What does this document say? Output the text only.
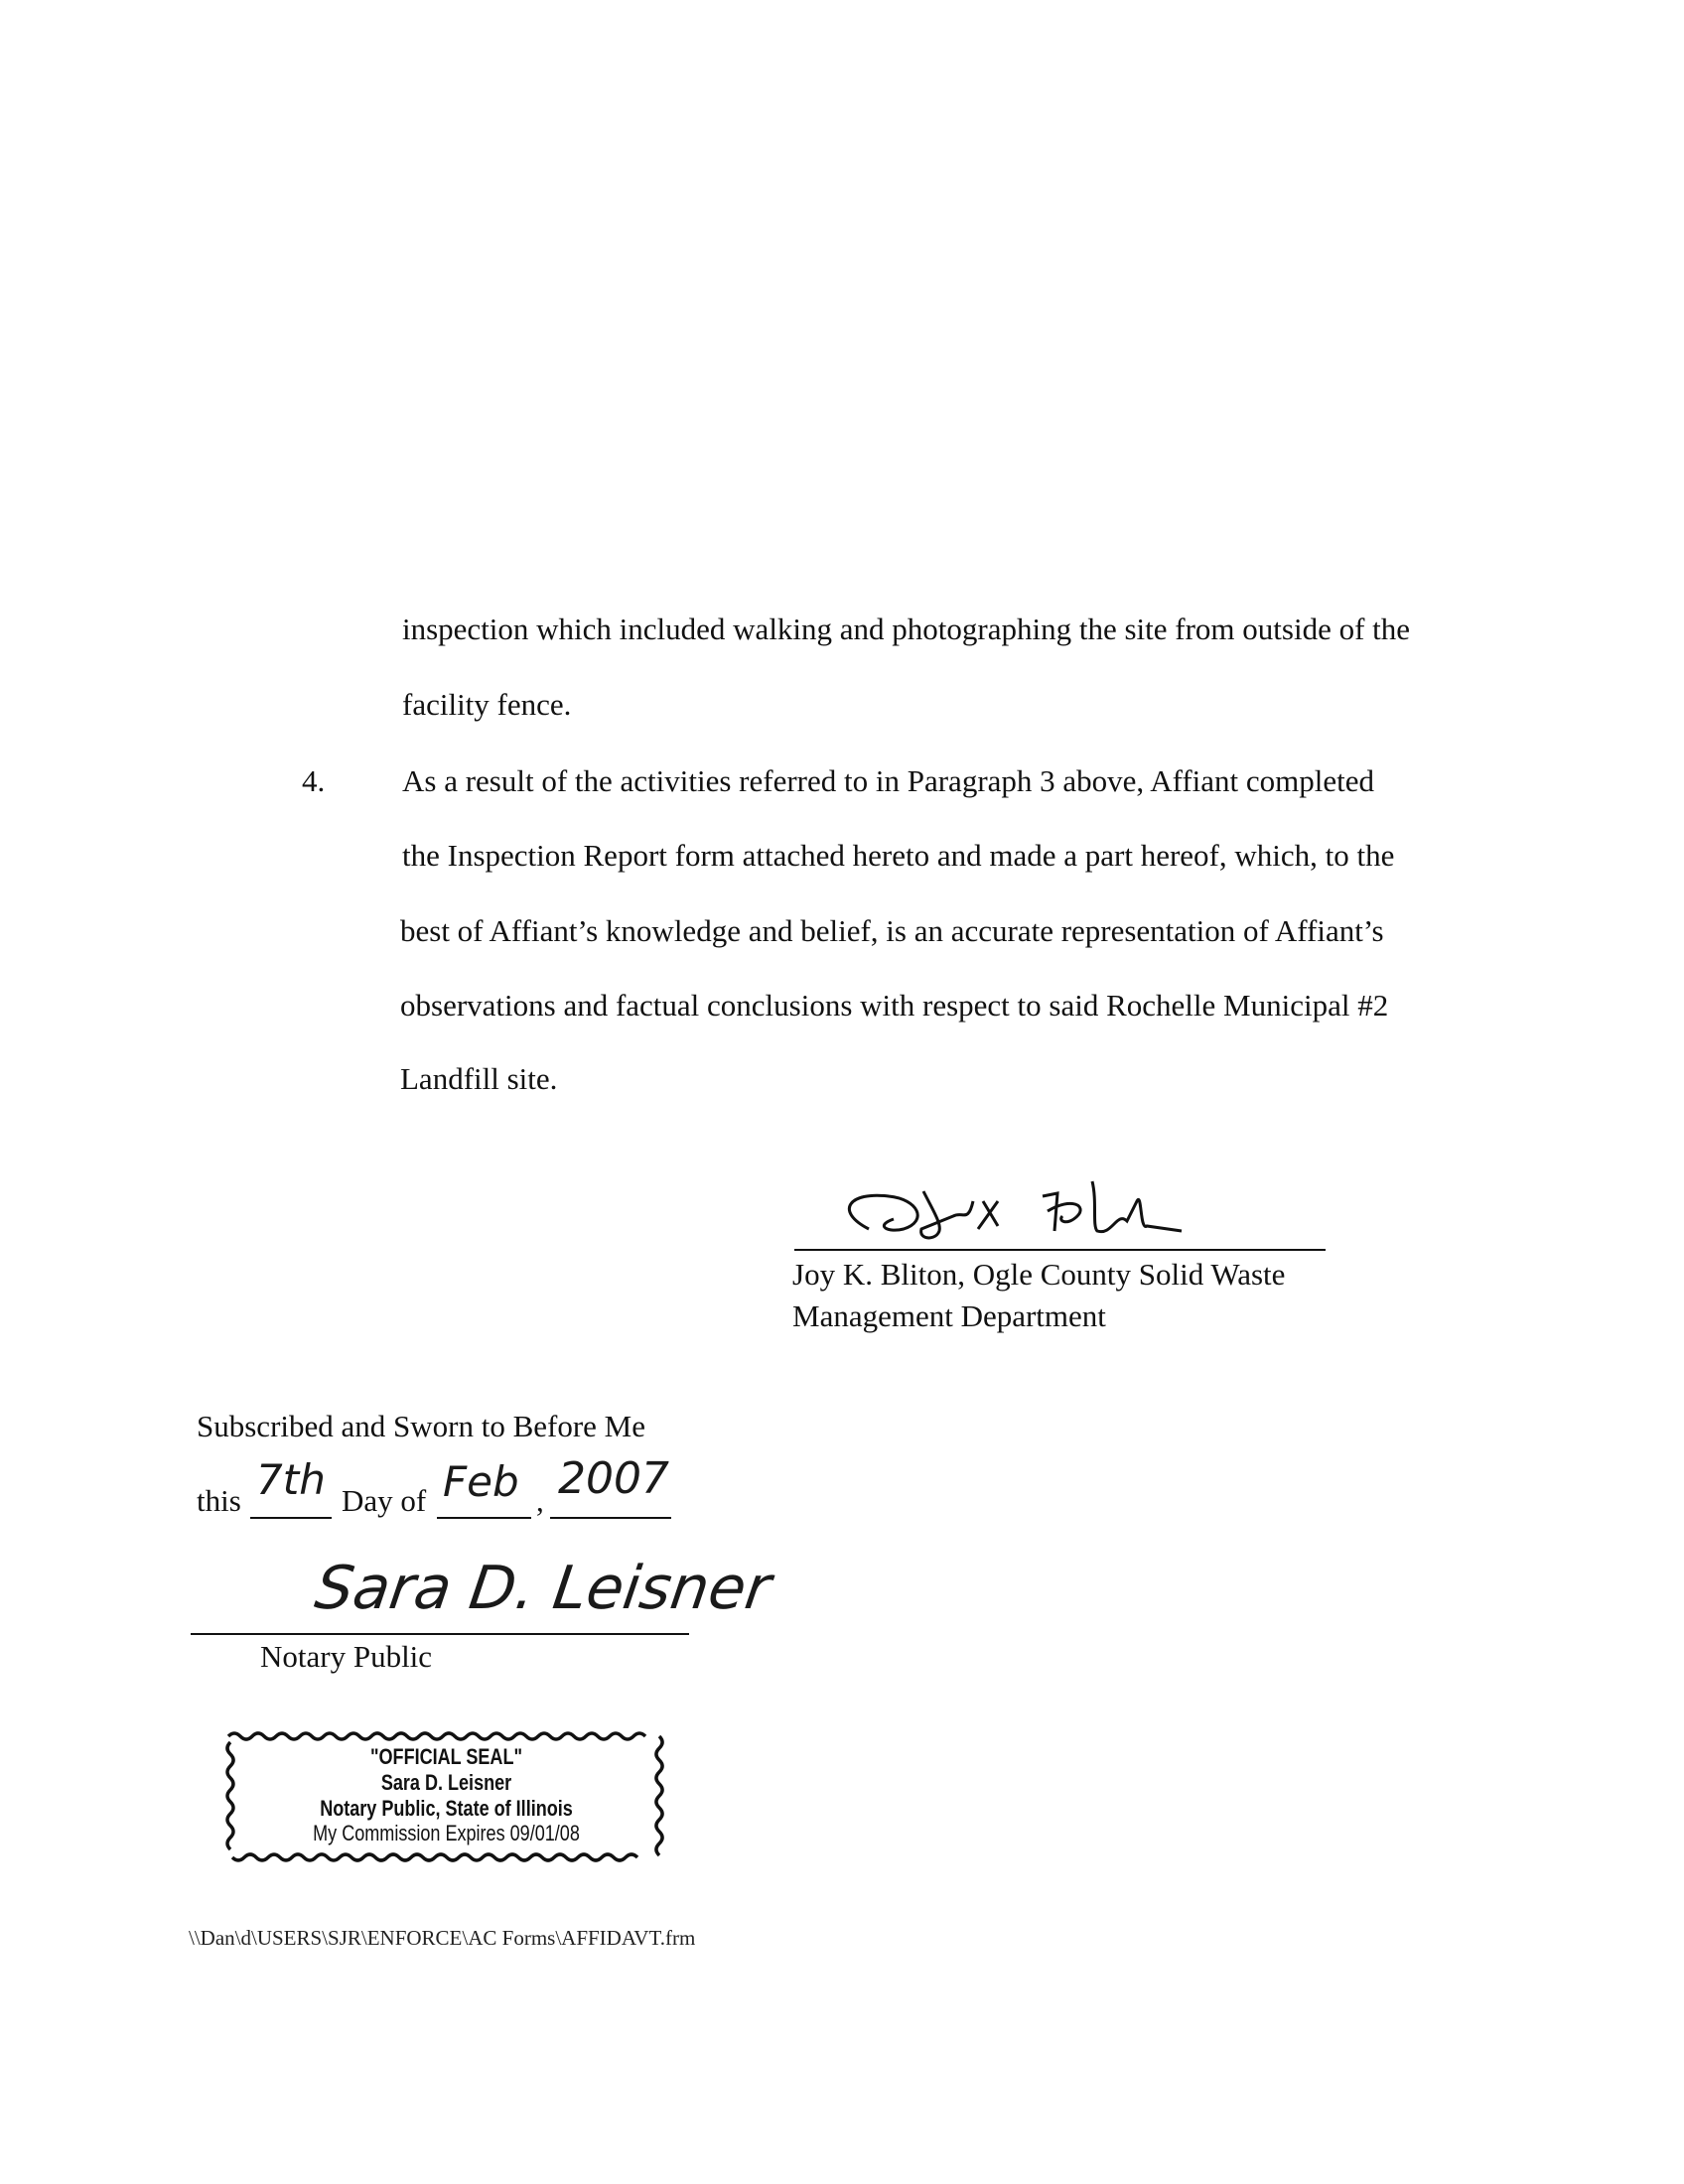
inspection which included walking and photographing the site from outside of the
facility fence.
4.	As a result of the activities referred to in Paragraph 3 above, Affiant completed
the Inspection Report form attached hereto and made a part hereof, which, to the
best of Affiant’s knowledge and belief, is an accurate representation of Affiant’s
observations and factual conclusions with respect to said Rochelle Municipal #2
Landfill site.
Joy K. Bliton, Ogle County Solid Waste
Management Department
Subscribed and Sworn to Before Me
this 7th Day of Feb , 2007
Sara D. Leisner
Notary Public
"OFFICIAL SEAL"
Sara D. Leisner
Notary Public, State of Illinois
My Commission Expires 09/01/08
\\Dan\d\USERS\SJR\ENFORCE\AC Forms\AFFIDAVT.frm
